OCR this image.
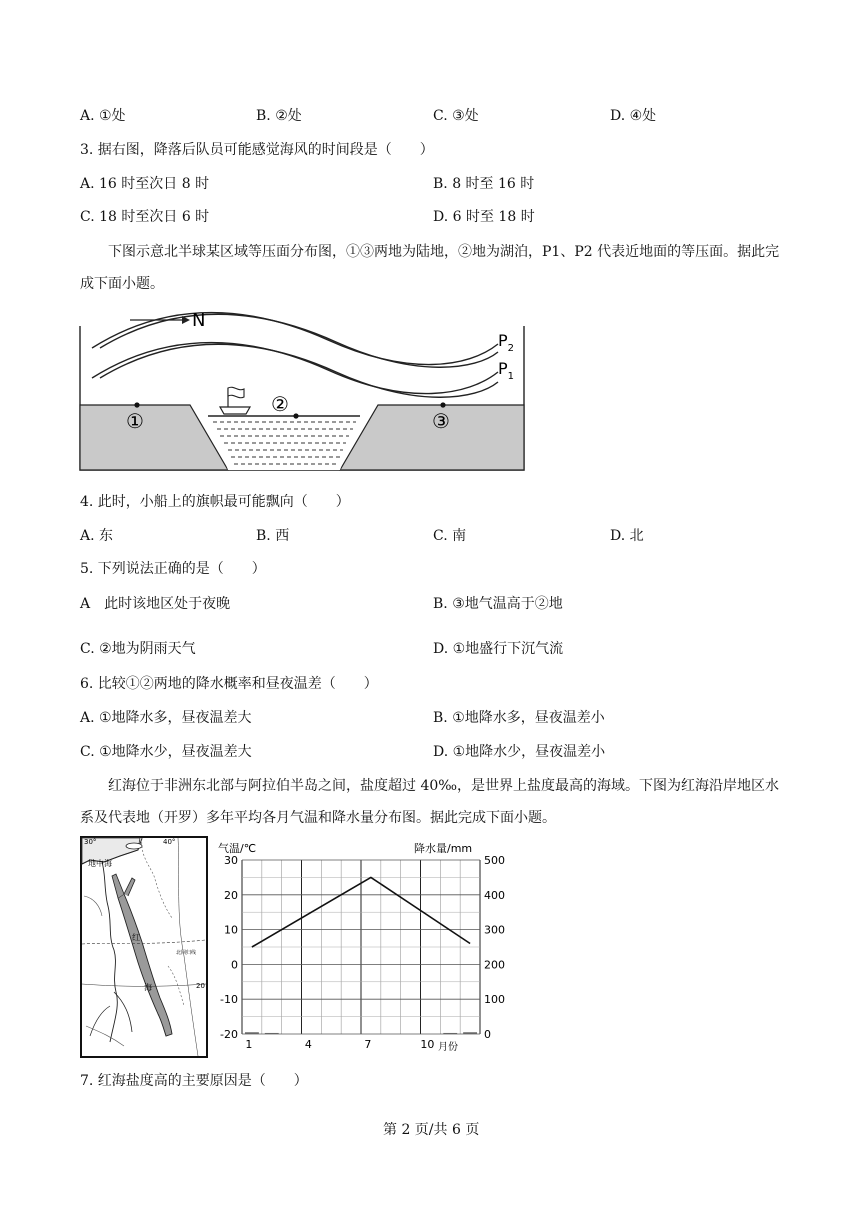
A. ①处	B. ②处	C. ③处	D. ④处
3. 据右图，降落后队员可能感觉海风的时间段是（　　）
A. 16 时至次日 8 时	B. 8 时至 16 时
C. 18 时至次日 6 时	D. 6 时至 18 时
下图示意北半球某区域等压面分布图，①③两地为陆地，②地为湖泊，P1、P2 代表近地面的等压面。据此完成下面小题。
N
$P_2$
$P_1$
①
②
③
4. 此时，小船上的旗帜最可能飘向（　　）
A. 东	B. 西	C. 南	D. 北
5. 下列说法正确的是（　　）
A　此时该地区处于夜晚	B. ③地气温高于②地
C. ②地为阴雨天气	D. ①地盛行下沉气流
6. 比较①②两地的降水概率和昼夜温差（　　）
A. ①地降水多，昼夜温差大	B. ①地降水多，昼夜温差小
C. ①地降水少，昼夜温差大	D. ①地降水少，昼夜温差小
红海位于非洲东北部与阿拉伯半岛之间，盐度超过 40‰，是世界上盐度最高的海域。下图为红海沿岸地区水系及代表地（开罗）多年平均各月气温和降水量分布图。据此完成下面小题。
30°	40°
地中海
红
海
北回归线
20
气温/℃	降水量/mm
月份
30
20
10
0
-10
-20
500
400
300
200
100
0
1	4	7	10
7. 红海盐度高的主要原因是（　　）
第 2 页/共 6 页
